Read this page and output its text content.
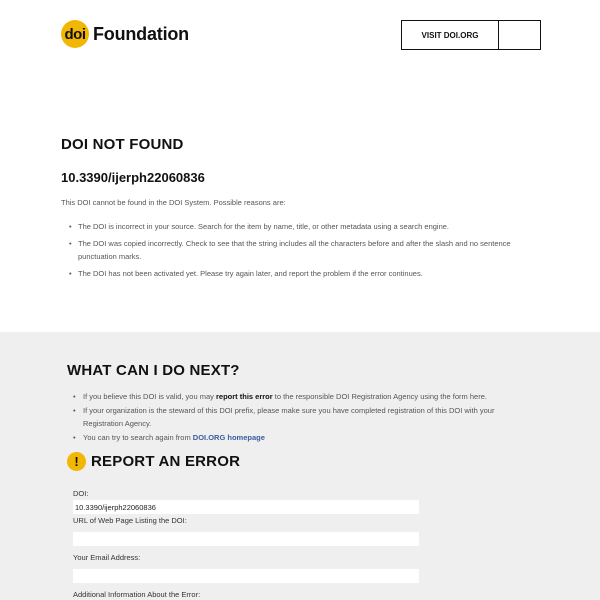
doi Foundation	VISIT DOI.ORG
DOI NOT FOUND
10.3390/ijerph22060836
This DOI cannot be found in the DOI System. Possible reasons are:
• The DOI is incorrect in your source. Search for the item by name, title, or other metadata using a search engine.
• The DOI was copied incorrectly. Check to see that the string includes all the characters before and after the slash and no sentence punctuation marks.
• The DOI has not been activated yet. Please try again later, and report the problem if the error continues.
WHAT CAN I DO NEXT?
• If you believe this DOI is valid, you may report this error to the responsible DOI Registration Agency using the form here.
• If your organization is the steward of this DOI prefix, please make sure you have completed registration of this DOI with your Registration Agency.
• You can try to search again from DOI.ORG homepage
! REPORT AN ERROR
DOI:
10.3390/ijerph22060836
URL of Web Page Listing the DOI:
Your Email Address:
Additional Information About the Error:
